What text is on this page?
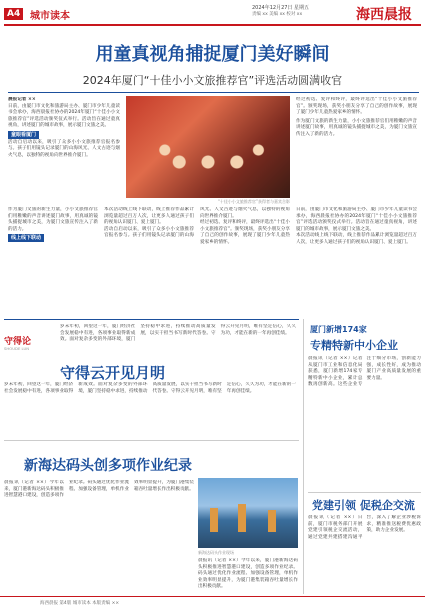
A4 城市读本
2024年12月27日 星期五
责编 xx 美编 xx 校对 xx	海西晨报
用童真视角捕捉厦门美好瞬间
2024年厦门“十佳小小文旅推荐官”评选活动圆满收官
晨报记者 ××
日前，由厦门市文化和旅游局主办、厦门市少年儿童读书会承办，海西晨报社协办的2024年厦门“十佳小小文旅推荐官”评选活动颁奖仪式举行。活动旨在通过童真视角，讲述厦门的城市故事，展示厦门文旅之美。
童眼看厦门
活动自启动以来，吸引了众多小小文旅推荐官报名参与。孩子们用镜头记录厦门的山海风光、人文古迹与烟火气息，以独特的视角向世界推介厦门。
“十佳小小文旅推荐官”获得者与嘉宾合影
经过初选、复评和终评，最终评选出“十佳小小文旅推荐官”。颁奖现场，获奖小朋友分享了自己的创作故事，展现了厦门少年儿童热爱家乡的情怀。
作为厦门文旅的新生力量，小小文旅推荐官们用稚嫩的声音讲述厦门故事，用真诚的镜头捕捉城市之美，为厦门文旅宣传注入了新的活力。
作为厦门文旅的新生力量，小小文旅推荐官们用稚嫩的声音讲述厦门故事，用真诚的镜头捕捉城市之美，为厦门文旅宣传注入了新的活力。
线上线下联动
本次活动线上线下联动，线上推荐作品累计浏览量超过百万人次，让更多人通过孩子们的视角认识厦门、爱上厦门。
活动自启动以来，吸引了众多小小文旅推荐官报名参与。孩子们用镜头记录厦门的山海风光、人文古迹与烟火气息，以独特的视角向世界推介厦门。
经过初选、复评和终评，最终评选出“十佳小小文旅推荐官”。颁奖现场，获奖小朋友分享了自己的创作故事，展现了厦门少年儿童热爱家乡的情怀。
日前，由厦门市文化和旅游局主办、厦门市少年儿童读书会承办，海西晨报社协办的2024年厦门“十佳小小文旅推荐官”评选活动颁奖仪式举行。活动旨在通过童真视角，讲述厦门的城市故事，展示厦门文旅之美。
本次活动线上线下联动，线上推荐作品累计浏览量超过百万人次，让更多人通过孩子们的视角认识厦门、爱上厦门。
守得论
SHOUDE LUN
岁末年初，回望这一年，厦门经济社会发展稳中有进，各项事业取得新成效。面对复杂多变的外部环境，厦门坚持稳中求进，持续推动高质量发展，以实干担当书写新时代答卷。守得云开见月明，唯有坚定信心，久久为功，才能在新的一年再创佳绩。
守得云开见月明
岁末年初，回望这一年，厦门经济社会发展稳中有进，各项事业取得新成效。面对复杂多变的外部环境，厦门坚持稳中求进，持续推动高质量发展，以实干担当书写新时代答卷。守得云开见月明，唯有坚定信心，久久为功，才能在新的一年再创佳绩。
新海达码头创多项作业纪录
晨报讯（记者 ××）今年以来，厦门港新海达码头积极推进智慧港口建设，创造多项作业纪录。码头通过优化作业流程、加强设备管理，单机作业效率明显提升，为厦门港集装箱吞吐量增长作出积极贡献。
新海达码头作业现场
晨报讯（记者 ××）今年以来，厦门港新海达码头积极推进智慧港口建设，创造多项作业纪录。码头通过优化作业流程、加强设备管理，单机作业效率明显提升，为厦门港集装箱吞吐量增长作出积极贡献。
厦门新增174家
专精特新中小企业
晨报讯（记者 ××）记者从厦门市工业和信息化局获悉，厦门新增174家专精特新中小企业，累计总数再创新高。这些企业专注于细分市场，创新能力强，成长性好，成为推动厦门产业高质量发展的重要力量。
党建引领 促税企交流
晨报讯（记者 ××）日前，厦门市税务部门开展党建引领税企交流活动，通过党建共建搭建沟通平台，深入了解企业涉税诉求，精准推送税费优惠政策，助力企业发展。
海西晨报 第4版 城市读本 本版责编 ××
